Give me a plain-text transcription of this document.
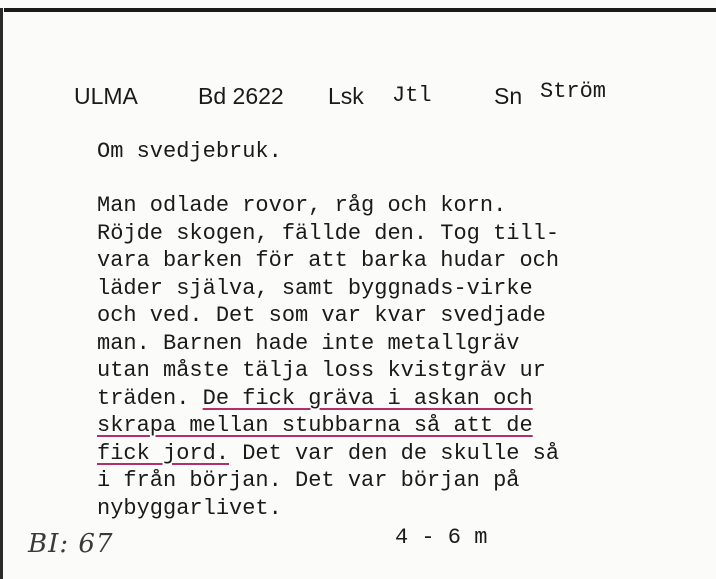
ULMA	Bd 2622 Lsk Jtl	Sn Ström
Om svedjebruk.
Man odlade rovor, råg och korn.
Röjde skogen, fällde den. Tog till-
vara barken för att barka hudar och
läder själva, samt byggnads-virke
och ved. Det som var kvar svedjade
man. Barnen hade inte metallgräv
utan måste tälja loss kvistgräv ur
träden. De fick gräva i askan och
skrapa mellan stubbarna så att de
fick jord. Det var den de skulle så
i från början. Det var början på
nybyggarlivet.
4 - 6 m
BI: 67
